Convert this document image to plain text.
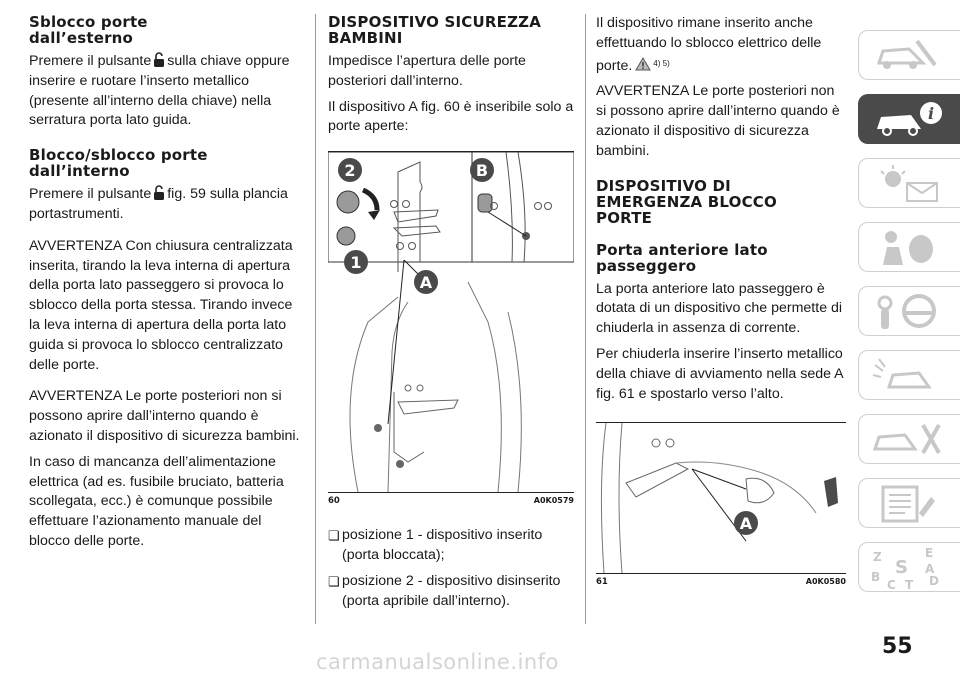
Sblocco porte dall’esterno

Premere il pulsante sulla chiave oppure inserire e ruotare l’inserto metallico (presente all’interno della chiave) nella serratura porta lato guida.

Blocco/sblocco porte dall’interno

Premere il pulsante fig. 59 sulla plancia portastrumenti.

AVVERTENZA Con chiusura centralizzata inserita, tirando la leva interna di apertura della porta lato passeggero si provoca lo sblocco della porta stessa. Tirando invece la leva interna di apertura della porta lato guida si provoca lo sblocco centralizzato delle porte.

AVVERTENZA Le porte posteriori non si possono aprire dall’interno quando è azionato il dispositivo di sicurezza bambini.

In caso di mancanza dell’alimentazione elettrica (ad es. fusibile bruciato, batteria scollegata, ecc.) è comunque possibile effettuare l’azionamento manuale del blocco delle porte.

DISPOSITIVO SICUREZZA BAMBINI

Impedisce l’apertura delle porte posteriori dall’interno.

Il dispositivo A fig. 60 è inseribile solo a porte aperte:

2
1
B
A
60	A0K0579
❏ posizione 1 - dispositivo inserito (porta bloccata);
❏ posizione 2 - dispositivo disinserito (porta apribile dall’interno).

Il dispositivo rimane inserito anche effettuando lo sblocco elettrico delle porte.	$^{4) 5)}$

AVVERTENZA Le porte posteriori non si possono aprire dall’interno quando è azionato il dispositivo di sicurezza bambini.

DISPOSITIVO DI EMERGENZA BLOCCO PORTE
Porta anteriore lato passeggero

La porta anteriore lato passeggero è dotata di un dispositivo che permette di chiuderla in assenza di corrente.

Per chiuderla inserire l’inserto metallico della chiave di avviamento nella sede A fig. 61 e spostarlo verso l’alto.

A
61	A0K0580
i
Z	E
S A
B
C T D
55
carmanualsonline.info
